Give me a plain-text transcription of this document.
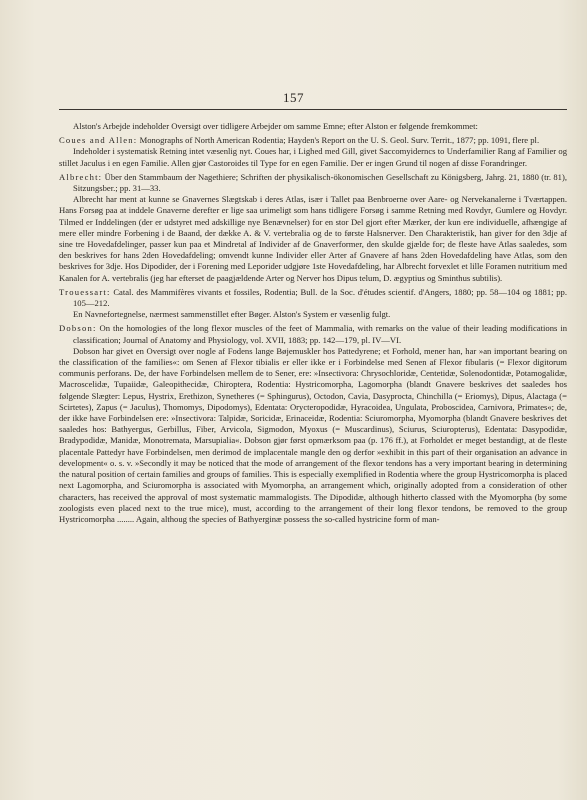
157

Alston's Arbejde indeholder Oversigt over tidligere Arbejder om samme Emne; efter Alston er følgende fremkommet:

Coues and Allen: Monographs of North American Rodentia; Hayden's Report on the U. S. Geol. Surv. Territ., 1877; pp. 1091, flere pl.

Indeholder i systematisk Retning intet væsenlig nyt. Coues har, i Lighed med Gill, givet Saccomyiderncs to Underfamilier Rang af Familier og stillet Jaculus i en egen Familie. Allen gjør Castoroides til Type for en egen Familie. Der er ingen Grund til nogen af disse Forandringer.

Albrecht: Über den Stammbaum der Nagethiere; Schriften der physikalisch-ökonomischen Gesellschaft zu Königsberg, Jahrg. 21, 1880 (tr. 81), Sitzungsber.; pp. 31—33.

Albrecht har ment at kunne se Gnavernes Slægtskab i deres Atlas, især i Tallet paa Benbroerne over Aare- og Nervekanalerne i Tværtappen. Hans Forsøg paa at inddele Gnaverne derefter er lige saa urimeligt som hans tidligere Forsøg i samme Retning med Rovdyr, Gumlere og Hovdyr. Tilmed er Inddelingen (der er udstyret med adskillige nye Benævnelser) for en stor Del gjort efter Mærker, der kun ere individuelle, afhængige af mere eller mindre Forbening i de Baand, der dække A. & V. vertebralia og de to første Halsnerver. Den Charakteristik, han giver for den 3dje af sine tre Hovedafdelinger, passer kun paa et Mindretal af Individer af de Gnaverformer, den skulde gjælde for; de fleste have Atlas saaledes, som den beskrives for hans 2den Hovedafdeling; omvendt kunne Individer eller Arter af Gnavere af hans 2den Hovedafdeling have Atlas, som den beskrives for 3dje. Hos Dipodider, der i Forening med Leporider udgjøre 1ste Hovedafdeling, har Albrecht forvexlet et lille Foramen nutritium med Kanalen for A. vertebralis (jeg har efterset de paagjældende Arter og Nerver hos Dipus telum, D. ægyptius og Sminthus subtilis).

Trouessart: Catal. des Mammifères vivants et fossiles, Rodentia; Bull. de la Soc. d'études scientif. d'Angers, 1880; pp. 58—104 og 1881; pp. 105—212.

En Navnefortegnelse, nærmest sammenstillet efter Bøger. Alston's System er væsenlig fulgt.

Dobson: On the homologies of the long flexor muscles of the feet of Mammalia, with remarks on the value of their leading modifications in classification; Journal of Anatomy and Physiology, vol. XVII, 1883; pp. 142—179, pl. IV—VI.

Dobson har givet en Oversigt over nogle af Fodens lange Bøjemuskler hos Pattedyrene; et Forhold, mener han, har »an important bearing on the classification of the families«: om Senen af Flexor tibialis er eller ikke er i Forbindelse med Senen af Flexor fibularis (= Flexor digitorum communis perforans. De, der have Forbindelsen mellem de to Sener, ere: »Insectivora: Chrysochloridæ, Centetidæ, Solenodontidæ, Potamogalidæ, Macroscelidæ, Tupaiidæ, Galeopithecidæ, Chiroptera, Rodentia: Hystricomorpha, Lagomorpha (blandt Gnavere beskrives det saaledes hos følgende Slægter: Lepus, Hystrix, Erethizon, Synetheres (= Sphingurus), Octodon, Cavia, Dasyprocta, Chinchilla (= Eriomys), Dipus, Alactaga (= Scirtetes), Zapus (= Jaculus), Thomomys, Dipodomys), Edentata: Orycteropodidæ, Hyracoidea, Ungulata, Proboscidea, Carnivora, Primates«; de, der ikke have Forbindelsen ere: »Insectivora: Talpidæ, Soricidæ, Erinaceidæ, Rodentia: Sciuromorpha, Myomorpha (blandt Gnavere beskrives det saaledes hos: Bathyergus, Gerbillus, Fiber, Arvicola, Sigmodon, Myoxus (= Muscardinus), Sciurus, Sciuropterus), Edentata: Dasypodidæ, Bradypodidæ, Manidæ, Monotremata, Marsupialia«. Dobson gjør først opmærksom paa (p. 176 ff.), at Forholdet er meget bestandigt, at de fleste placentale Pattedyr have Forbindelsen, men derimod de implacentale mangle den og derfor »exhibit in this part of their organisation an advance in development« o. s. v. »Secondly it may be noticed that the mode of arrangement of the flexor tendons has a very important bearing in determining the natural position of certain families and groups of families. This is especially exemplified in Rodentia where the group Hystricomorpha is placed next Lagomorpha, and Sciuromorpha is associated with Myomorpha, an arrangement which, originally adopted from a consideration of other characters, has received the approval of most systematic mammalogists. The Dipodidæ, although hitherto classed with the Myomorpha (by some zoologists even placed next to the true mice), must, according to the arrangement of their long flexor tendons, be removed to the group Hystricomorpha ........ Again, althoug the species of Bathyerginæ possess the so-called hystricine form of man-
